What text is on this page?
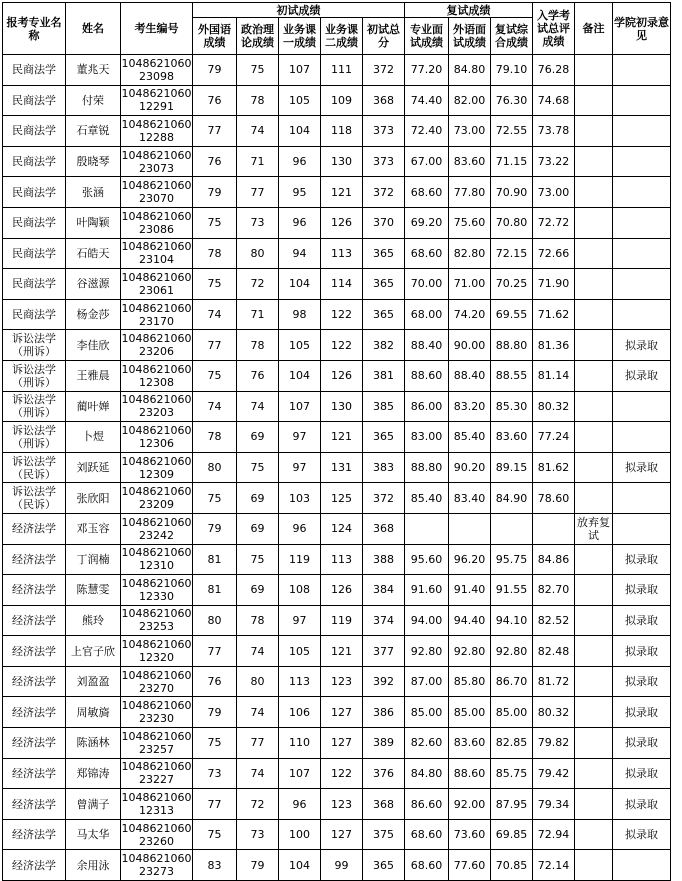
报考专业名称	姓名	考生编号	初试成绩					复试成绩			入学考试总评成绩	备注	学院初录意见
			外国语成绩	政治理论成绩	业务课一成绩	业务课二成绩	初试总分	专业面试成绩	外语面试成绩	复试综合成绩			
民商法学	董兆天	104862106023098	79	75	107	111	372	77.20	84.80	79.10	76.28		
民商法学	付荣	104862106012291	76	78	105	109	368	74.40	82.00	76.30	74.68		
民商法学	石章锐	104862106012288	77	74	104	118	373	72.40	73.00	72.55	73.78		
民商法学	殷晓琴	104862106023073	76	71	96	130	373	67.00	83.60	71.15	73.22		
民商法学	张涵	104862106023070	79	77	95	121	372	68.60	77.80	70.90	73.00		
民商法学	叶陶颖	104862106023086	75	73	96	126	370	69.20	75.60	70.80	72.72		
民商法学	石皓天	104862106023104	78	80	94	113	365	68.60	82.80	72.15	72.66		
民商法学	谷滋源	104862106023061	75	72	104	114	365	70.00	71.00	70.25	71.90		
民商法学	杨金莎	104862106023170	74	71	98	122	365	68.00	74.20	69.55	71.62		
诉讼法学（刑诉）	李佳欣	104862106023206	77	78	105	122	382	88.40	90.00	88.80	81.36		拟录取
诉讼法学（刑诉）	王雅晨	104862106012308	75	76	104	126	381	88.60	88.40	88.55	81.14		拟录取
诉讼法学（刑诉）	蔺叶婵	104862106023203	74	74	107	130	385	86.00	83.20	85.30	80.32		
诉讼法学（刑诉）	卜煜	104862106012306	78	69	97	121	365	83.00	85.40	83.60	77.24		
诉讼法学（民诉）	刘跃延	104862106012309	80	75	97	131	383	88.80	90.20	89.15	81.62		拟录取
诉讼法学（民诉）	张欣阳	104862106023209	75	69	103	125	372	85.40	83.40	84.90	78.60		
经济法学	邓玉容	104862106023242	79	69	96	124	368					放弃复试	
经济法学	丁润楠	104862106012310	81	75	119	113	388	95.60	96.20	95.75	84.86		拟录取
经济法学	陈慧雯	104862106012330	81	69	108	126	384	91.60	91.40	91.55	82.70		拟录取
经济法学	熊玲	104862106023253	80	78	97	119	374	94.00	94.40	94.10	82.52		拟录取
经济法学	上官子欣	104862106012320	77	74	105	121	377	92.80	92.80	92.80	82.48		拟录取
经济法学	刘盈盈	104862106023270	76	80	113	123	392	87.00	85.80	86.70	81.72		拟录取
经济法学	周敏旖	104862106023230	79	74	106	127	386	85.00	85.00	85.00	80.32		拟录取
经济法学	陈涵林	104862106023257	75	77	110	127	389	82.60	83.60	82.85	79.82		拟录取
经济法学	郑锦涛	104862106023227	73	74	107	122	376	84.80	88.60	85.75	79.42		拟录取
经济法学	曾满子	104862106012313	77	72	96	123	368	86.60	92.00	87.95	79.34		拟录取
经济法学	马太华	104862106023260	75	73	100	127	375	68.60	73.60	69.85	72.94		拟录取
经济法学	余用泳	104862106023273	83	79	104	99	365	68.60	77.60	70.85	72.14		
